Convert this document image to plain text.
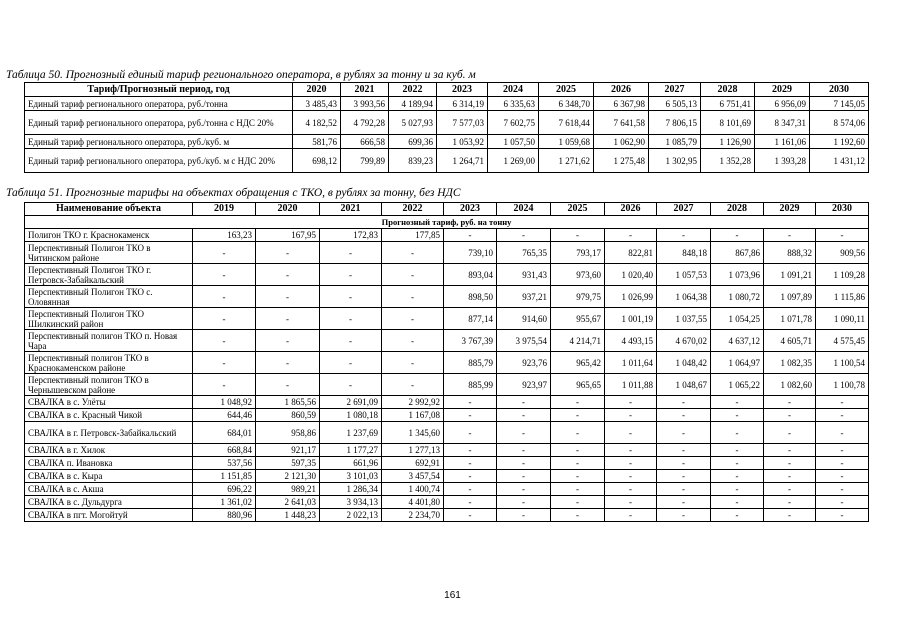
Таблица 50. Прогнозный единый тариф регионального оператора, в рублях за тонну и за куб. м
Тариф/Прогнозный период, год	2020	2021	2022	2023	2024	2025	2026	2027	2028	2029	2030
Единый тариф регионального оператора, руб./тонна	3 485,43	3 993,56	4 189,94	6 314,19	6 335,63	6 348,70	6 367,98	6 505,13	6 751,41	6 956,09	7 145,05
Единый тариф регионального оператора, руб./тонна с НДС 20%	4 182,52	4 792,28	5 027,93	7 577,03	7 602,75	7 618,44	7 641,58	7 806,15	8 101,69	8 347,31	8 574,06
Единый тариф регионального оператора, руб./куб. м	581,76	666,58	699,36	1 053,92	1 057,50	1 059,68	1 062,90	1 085,79	1 126,90	1 161,06	1 192,60
Единый тариф регионального оператора, руб./куб. м с НДС 20%	698,12	799,89	839,23	1 264,71	1 269,00	1 271,62	1 275,48	1 302,95	1 352,28	1 393,28	1 431,12
Таблица 51. Прогнозные тарифы на объектах обращения с ТКО, в рублях за тонну, без НДС
Наименование объекта	2019	2020	2021	2022	2023	2024	2025	2026	2027	2028	2029	2030
Прогнозный тариф, руб. на тонну												
Полигон ТКО г. Краснокаменск	163,23	167,95	172,83	177,85	-	-	-	-	-	-	-	-
Перспективный Полигон ТКО в Читинском районе	-	-	-	-	739,10	765,35	793,17	822,81	848,18	867,86	888,32	909,56
Перспективный Полигон ТКО г. Петровск-Забайкальский	-	-	-	-	893,04	931,43	973,60	1 020,40	1 057,53	1 073,96	1 091,21	1 109,28
Перспективный Полигон ТКО с. Оловянная	-	-	-	-	898,50	937,21	979,75	1 026,99	1 064,38	1 080,72	1 097,89	1 115,86
Перспективный Полигон ТКО Шилкинский район	-	-	-	-	877,14	914,60	955,67	1 001,19	1 037,55	1 054,25	1 071,78	1 090,11
Перспективный полигон ТКО п. Новая Чара	-	-	-	-	3 767,39	3 975,54	4 214,71	4 493,15	4 670,02	4 637,12	4 605,71	4 575,45
Перспективный полигон ТКО в Краснокаменском районе	-	-	-	-	885,79	923,76	965,42	1 011,64	1 048,42	1 064,97	1 082,35	1 100,54
Перспективный полигон ТКО в Чернышевском районе	-	-	-	-	885,99	923,97	965,65	1 011,88	1 048,67	1 065,22	1 082,60	1 100,78
СВАЛКА в с. Улёты	1 048,92	1 865,56	2 691,09	2 992,92	-	-	-	-	-	-	-	-
СВАЛКА в с. Красный Чикой	644,46	860,59	1 080,18	1 167,08	-	-	-	-	-	-	-	-
СВАЛКА в г. Петровск-Забайкальский	684,01	958,86	1 237,69	1 345,60	-	-	-	-	-	-	-	-
СВАЛКА в г. Хилок	668,84	921,17	1 177,27	1 277,13	-	-	-	-	-	-	-	-
СВАЛКА п. Ивановка	537,56	597,35	661,96	692,91	-	-	-	-	-	-	-	-
СВАЛКА в с. Кыра	1 151,85	2 121,30	3 101,03	3 457,54	-	-	-	-	-	-	-	-
СВАЛКА в с. Акша	696,22	989,21	1 286,34	1 400,74	-	-	-	-	-	-	-	-
СВАЛКА в с. Дульдурга	1 361,02	2 641,03	3 934,13	4 401,80	-	-	-	-	-	-	-	-
СВАЛКА в пгт. Могойтуй	880,96	1 448,23	2 022,13	2 234,70	-	-	-	-	-	-	-	-
161
